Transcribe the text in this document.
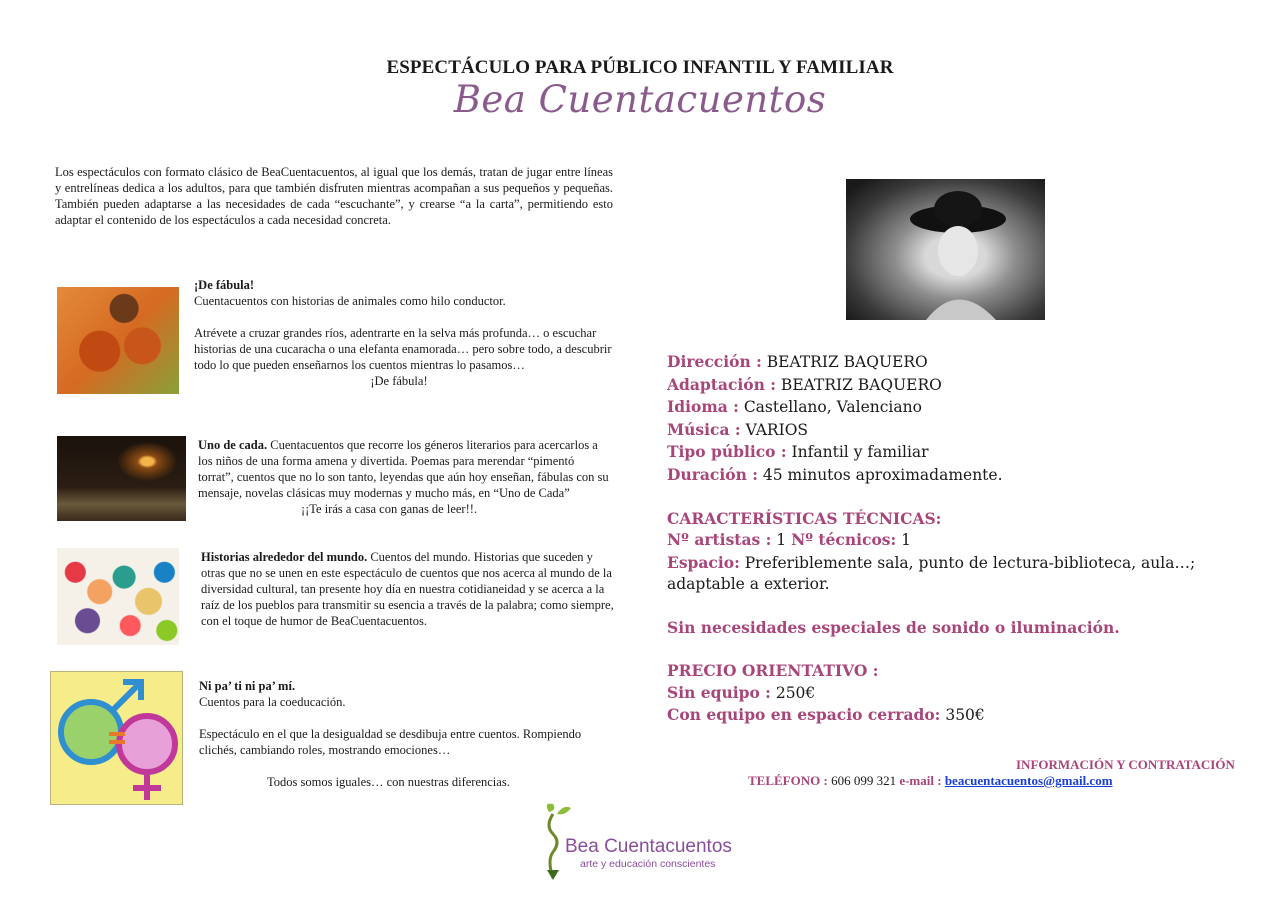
ESPECTÁCULO PARA PÚBLICO INFANTIL Y FAMILIAR
Bea Cuentacuentos
Los espectáculos con formato clásico de BeaCuentacuentos, al igual que los demás, tratan de jugar entre líneas y entrelíneas dedica a los adultos, para que también disfruten mientras acompañan a sus pequeños y pequeñas. También pueden adaptarse a las necesidades de cada “escuchante”, y crearse “a la carta”, permitiendo esto adaptar el contenido de los espectáculos a cada necesidad concreta.

¡De fábula!

Cuentacuentos con historias de animales como hilo conductor.

Atrévete a cruzar grandes ríos, adentrarte en la selva más profunda… o escuchar historias de una cucaracha o una elefanta enamorada… pero sobre todo, a descubrir todo lo que pueden enseñarnos los cuentos mientras lo pasamos…

¡De fábula!

Uno de cada. Cuentacuentos que recorre los géneros literarios para acercarlos a los niños de una forma amena y divertida. Poemas para merendar “pimentó torrat”, cuentos que no lo son tanto, leyendas que aún hoy enseñan, fábulas con su mensaje, novelas clásicas muy modernas y mucho más, en “Uno de Cada”

¡¡Te irás a casa con ganas de leer!!.

Historias alrededor del mundo. Cuentos del mundo. Historias que suceden y otras que no se unen en este espectáculo de cuentos que nos acerca al mundo de la diversidad cultural, tan presente hoy día en nuestra cotidianeidad y se acerca a la raíz de los pueblos para transmitir su esencia a través de la palabra; como siempre, con el toque de humor de BeaCuentacuentos.

Ni pa’ ti ni pa’ mí.

Cuentos para la coeducación.

Espectáculo en el que la desigualdad se desdibuja entre cuentos. Rompiendo clichés, cambiando roles, mostrando emociones…

Todos somos iguales… con nuestras diferencias.

Dirección : BEATRIZ BAQUERO
Adaptación : BEATRIZ BAQUERO
Idioma : Castellano, Valenciano
Música : VARIOS
Tipo público : Infantil y familiar
Duración : 45 minutos aproximadamente.
CARACTERÍSTICAS TÉCNICAS:
Nº artistas : 1 Nº técnicos: 1
Espacio: Preferiblemente sala, punto de lectura-biblioteca, aula…; adaptable a exterior.
Sin necesidades especiales de sonido o iluminación.
PRECIO ORIENTATIVO :
Sin equipo : 250€
Con equipo en espacio cerrado: 350€
INFORMACIÓN Y CONTRATACIÓN
TELÉFONO : 606 099 321 e-mail : beacuentacuentos@gmail.com
Bea Cuentacuentos
arte y educación conscientes
